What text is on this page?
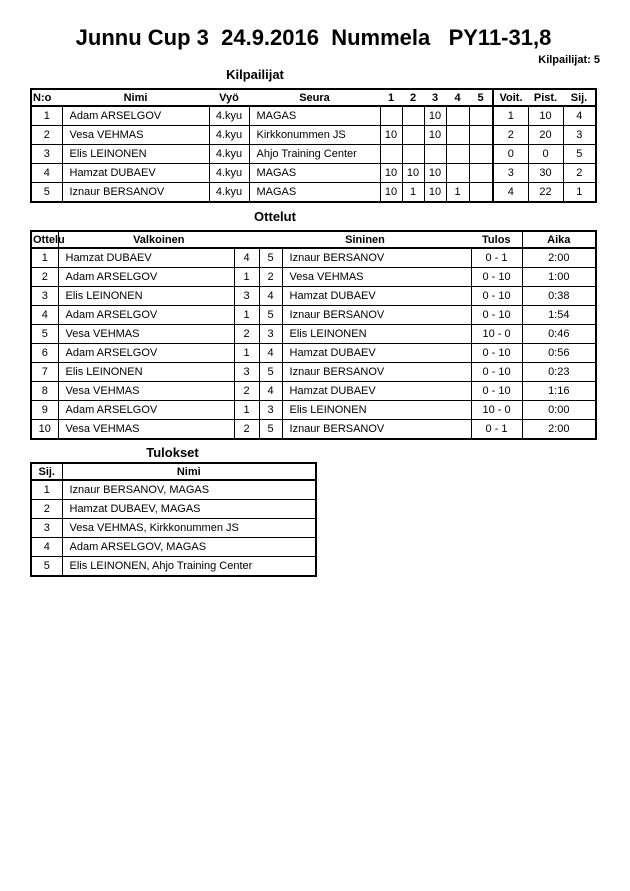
Junnu Cup 3  24.9.2016  Nummela   PY11-31,8
Kilpailijat: 5
Kilpailijat
N:o	Nimi	Vyö	Seura	1	2	3	4	5	Voit.	Pist.	Sij.
1	Adam ARSELGOV	4.kyu	MAGAS			10			1	10	4
2	Vesa VEHMAS	4.kyu	Kirkkonummen JS	10		10			2	20	3
3	Elis LEINONEN	4.kyu	Ahjo Training Center						0	0	5
4	Hamzat DUBAEV	4.kyu	MAGAS	10	10	10			3	30	2
5	Iznaur BERSANOV	4.kyu	MAGAS	10	1	10	1		4	22	1
Ottelut
Ottelu	Valkoinen		Sininen		Tulos	Aika
1	Hamzat DUBAEV	4	5	Iznaur BERSANOV	0 - 1	2:00
2	Adam ARSELGOV	1	2	Vesa VEHMAS	0 - 10	1:00
3	Elis LEINONEN	3	4	Hamzat DUBAEV	0 - 10	0:38
4	Adam ARSELGOV	1	5	Iznaur BERSANOV	0 - 10	1:54
5	Vesa VEHMAS	2	3	Elis LEINONEN	10 - 0	0:46
6	Adam ARSELGOV	1	4	Hamzat DUBAEV	0 - 10	0:56
7	Elis LEINONEN	3	5	Iznaur BERSANOV	0 - 10	0:23
8	Vesa VEHMAS	2	4	Hamzat DUBAEV	0 - 10	1:16
9	Adam ARSELGOV	1	3	Elis LEINONEN	10 - 0	0:00
10	Vesa VEHMAS	2	5	Iznaur BERSANOV	0 - 1	2:00
Tulokset
Sij.	Nimi
1	Iznaur BERSANOV, MAGAS
2	Hamzat DUBAEV, MAGAS
3	Vesa VEHMAS, Kirkkonummen JS
4	Adam ARSELGOV, MAGAS
5	Elis LEINONEN, Ahjo Training Center
